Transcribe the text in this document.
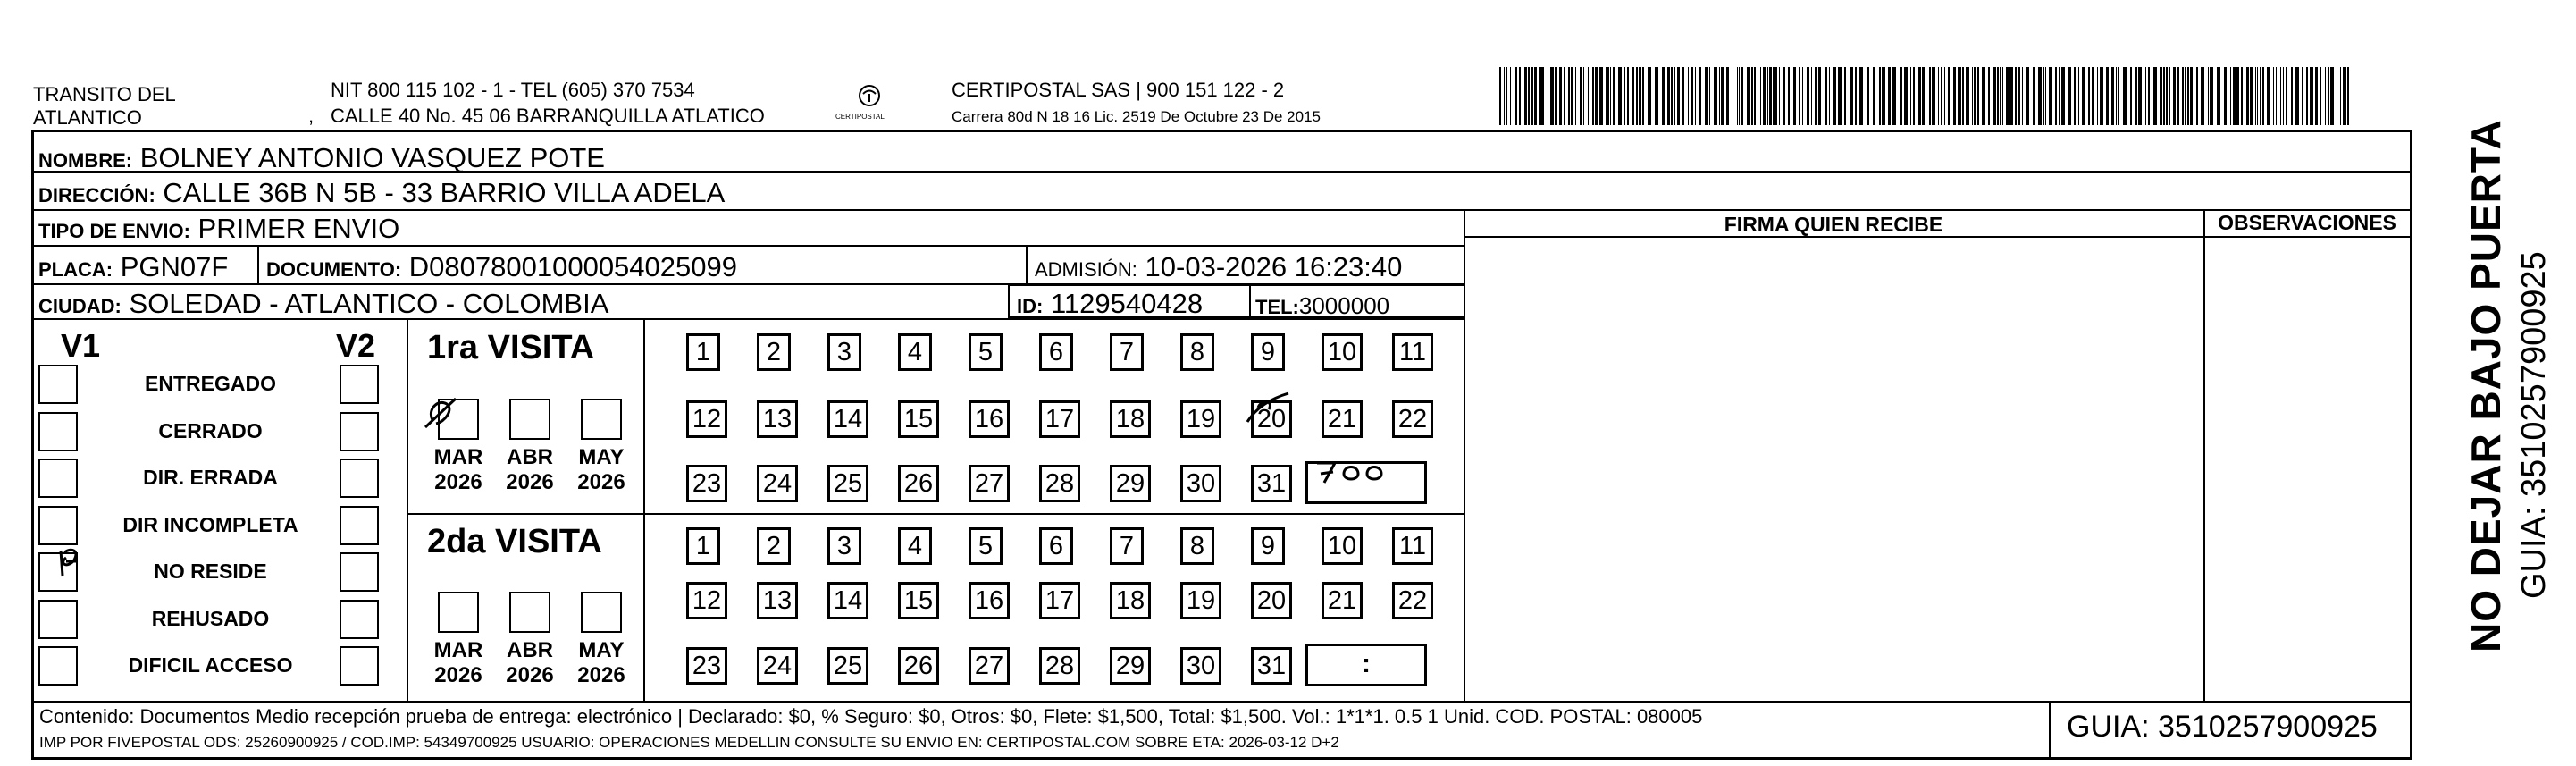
TRANSITO DEL
ATLANTICO
NIT 800 115 102 - 1 - TEL (605) 370 7534
, CALLE 40 No. 45 06 BARRANQUILLA ATLATICO	CERTIPOSTAL
CERTIPOSTAL SAS | 900 151 122 - 2
Carrera 80d N 18 16 Lic. 2519 De Octubre 23 De 2015
NO DEJAR BAJO PUERTA GUIA: 3510257900925
NOMBRE: BOLNEY ANTONIO VASQUEZ POTE
DIRECCIÓN: CALLE 36B N 5B - 33 BARRIO VILLA ADELA
TIPO DE ENVIO: PRIMER ENVIO
PLACA: PGN07F DOCUMENTO: D08078001000054025099	ADMISIÓN: 10-03-2026 16:23:40
CIUDAD: SOLEDAD - ATLANTICO - COLOMBIA	ID: 1129540428	TEL:3000000
FIRMA QUIEN RECIBE	OBSERVACIONES
V1	V2 1ra VISITA
2da VISITA
Contenido: Documentos Medio recepción prueba de entrega: electrónico | Declarado: $0, % Seguro: $0, Otros: $0, Flete: $1,500, Total: $1,500. Vol.: 1*1*1. 0.5 1 Unid. COD. POSTAL: 080005
IMP POR FIVEPOSTAL ODS: 25260900925 / COD.IMP: 54349700925 USUARIO: OPERACIONES MEDELLIN CONSULTE SU ENVIO EN: CERTIPOSTAL.COM SOBRE ETA: 2026-03-12 D+2	GUIA: 3510257900925
ENTREGADO
CERRADO
DIR. ERRADA
DIR INCOMPLETA
NO RESIDE
REHUSADO
DIFICIL ACCESO
MAR
2026
ABR
2026
MAY
2026
MAR
2026
ABR
2026
MAY
2026
1	2	3	4	5	6	7	8	9	10 11
12 13 14 15 16 17 18 19 20 21 22
23 24 25 26 27 28 29 30 31
1	2	3	4	5	6	7	8	9	10 11
12 13 14 15 16 17 18 19 20 21 22
23 24 25 26 27 28 29 30 31	:
